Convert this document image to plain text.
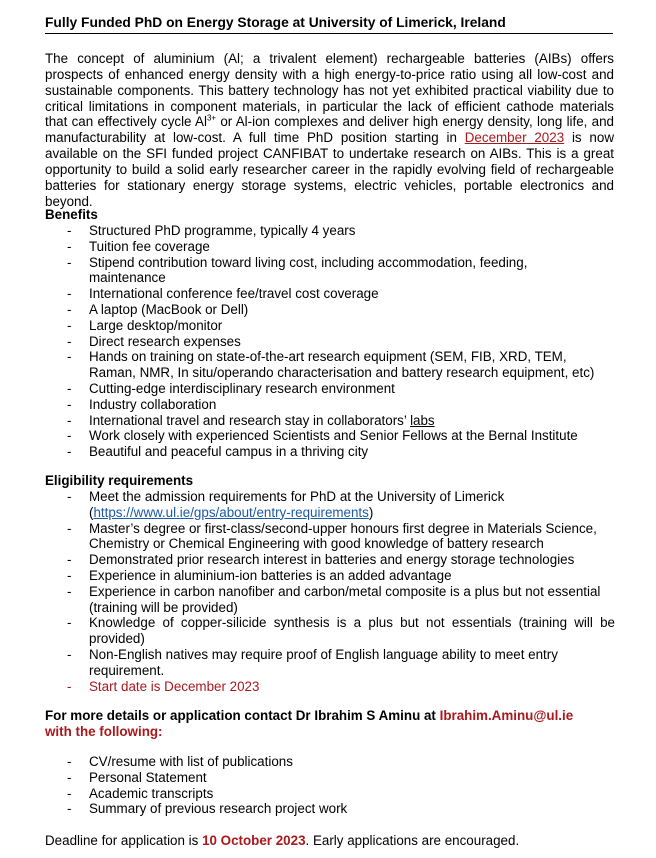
Fully Funded PhD on Energy Storage at University of Limerick, Ireland
The concept of aluminium (Al; a trivalent element) rechargeable batteries (AIBs) offers prospects of enhanced energy density with a high energy-to-price ratio using all low-cost and sustainable components. This battery technology has not yet exhibited practical viability due to critical limitations in component materials, in particular the lack of efficient cathode materials that can effectively cycle $Al^{3+}$ or Al-ion complexes and deliver high energy density, long life, and manufacturability at low-cost. A full time PhD position starting in December 2023 is now available on the SFI funded project CANFIBAT to undertake research on AIBs. This is a great opportunity to build a solid early researcher career in the rapidly evolving field of rechargeable batteries for stationary energy storage systems, electric vehicles, portable electronics and beyond.
Benefits
- Structured PhD programme, typically 4 years
- Tuition fee coverage
- Stipend contribution toward living cost, including accommodation, feeding, maintenance
- International conference fee/travel cost coverage
- A laptop (MacBook or Dell)
- Large desktop/monitor
- Direct research expenses
- Hands on training on state-of-the-art research equipment (SEM, FIB, XRD, TEM, Raman, NMR, In situ/operando characterisation and battery research equipment, etc)
- Cutting-edge interdisciplinary research environment
- Industry collaboration
- International travel and research stay in collaborators’ labs
- Work closely with experienced Scientists and Senior Fellows at the Bernal Institute
- Beautiful and peaceful campus in a thriving city
Eligibility requirements
- Meet the admission requirements for PhD at the University of Limerick
(https://www.ul.ie/gps/about/entry-requirements)
- Master’s degree or first-class/second-upper honours first degree in Materials Science, Chemistry or Chemical Engineering with good knowledge of battery research
- Demonstrated prior research interest in batteries and energy storage technologies
- Experience in aluminium-ion batteries is an added advantage
- Experience in carbon nanofiber and carbon/metal composite is a plus but not essential (training will be provided)
- Knowledge of copper-silicide synthesis is a plus but not essentials (training will be provided)
- Non-English natives may require proof of English language ability to meet entry requirement.
- Start date is December 2023
For more details or application contact Dr Ibrahim S Aminu at Ibrahim.Aminu@ul.ie
with the following:
- CV/resume with list of publications
- Personal Statement
- Academic transcripts
- Summary of previous research project work
Deadline for application is 10 October 2023. Early applications are encouraged.
